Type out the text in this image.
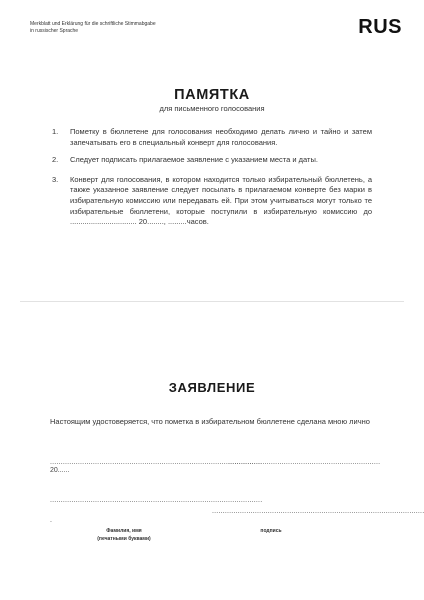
Merkblatt und Erklärung für die schriftliche Stimmabgabe
in russischer Sprache	RUS
ПАМЯТКА
для письменного голосования
1.	Пометку в бюллетене для голосования необходимо делать лично и тайно и затем запечатывать его в специальный конверт для голосования.
2.	Следует подписать прилагаемое заявление с указанием места и даты.
3.	Конверт для голосования, в котором находится только избирательный бюллетень, а также указанное заявление следует посылать в прилагаемом конверте без марки в избирательную комиссию или передавать ей. При этом учитываться могут только те избирательные бюллетени, которые поступили в избирательную комиссию до ................................ 20........, .........часов.
ЗАЯВЛЕНИЕ
Настоящим удостоверяется, что пометка в избирательном бюллетене сделана мною лично
...................................................................................................
.......................................................................
20......
...................................................................................................
...................................................................................................
.
Фамилия, имя
(печатными буквами)
подпись
